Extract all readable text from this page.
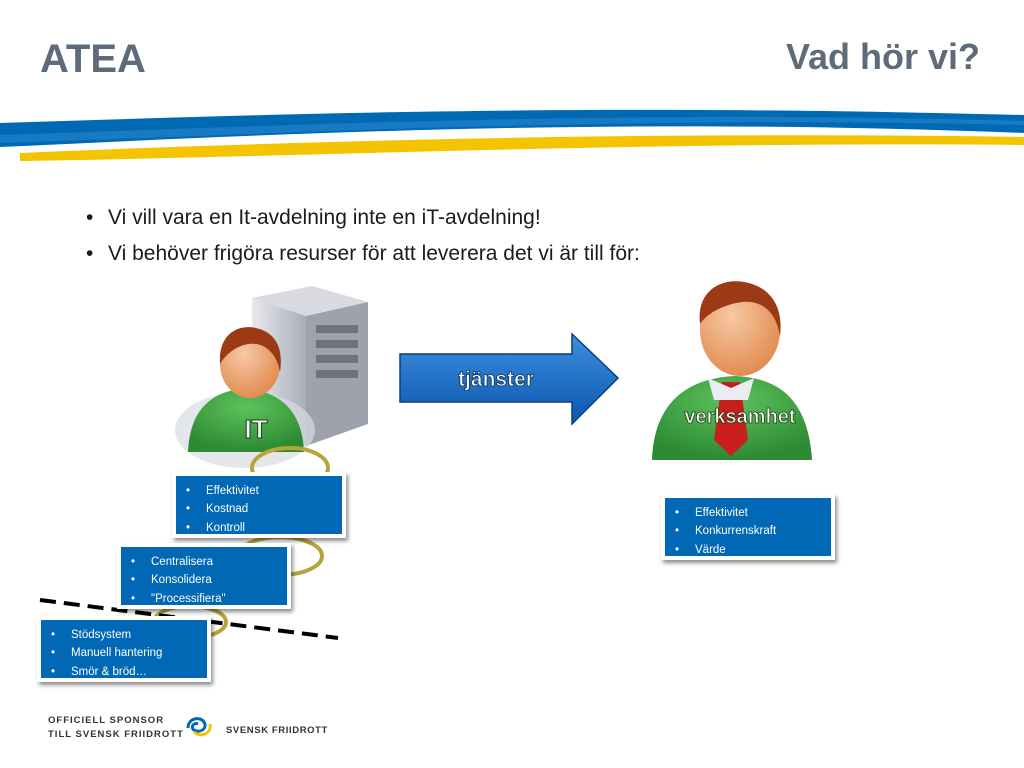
ATEA	Vad hör vi?
• Vi vill vara en It-avdelning inte en iT-avdelning!
• Vi behöver frigöra resurser för att leverera det vi är till för:
IT
tjänster
verksamhet
• Effektivitet
• Kostnad
• Kontroll
• Centralisera
• Konsolidera
• "Processifiera"
• Stödsystem
• Manuell hantering
• Smör & bröd…
• Effektivitet
• Konkurrenskraft
• Värde
OFFICIELL SPONSOR
TILL SVENSK FRIIDROTT	SVENSK FRIIDROTT
